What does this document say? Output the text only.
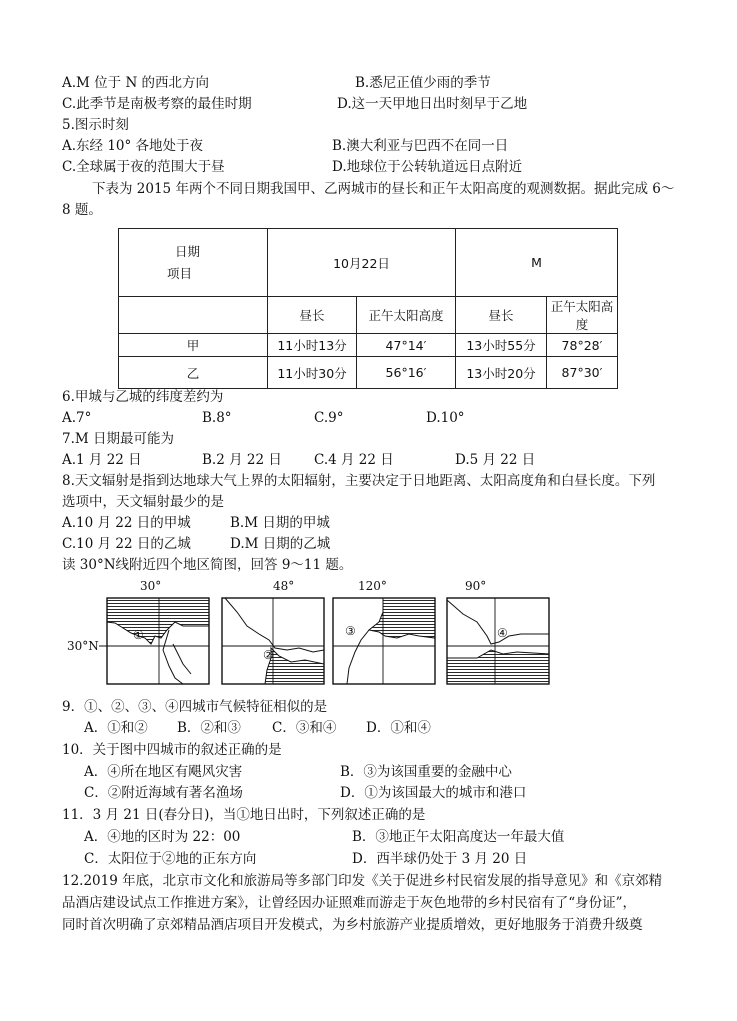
A.M 位于 N 的西北方向	B.悉尼正值少雨的季节
C.此季节是南极考察的最佳时期	D.这一天甲地日出时刻早于乙地
5.图示时刻
A.东经 10° 各地处于夜	B.澳大利亚与巴西不在同一日
C.全球属于夜的范围大于昼	D.地球位于公转轨道远日点附近
下表为 2015 年两个不同日期我国甲、乙两城市的昼长和正午太阳高度的观测数据。据此完成 6～
8 题。
日期
项目	10月22日		M	
	昼长	正午太阳高度	昼长	正午太阳高度
甲	11小时13分	47°14′	13小时55分	78°28′
乙	11小时30分	56°16′	13小时20分	87°30′
6.甲城与乙城的纬度差约为
A.7°	B.8°	C.9°	D.10°
7.M 日期最可能为
A.1 月 22 日	B.2 月 22 日 C.4 月 22 日	D.5 月 22 日
8.天文辐射是指到达地球大气上界的太阳辐射，主要决定于日地距离、太阳高度角和白昼长度。下列
选项中，天文辐射最少的是
A.10 月 22 日的甲城	B.M 日期的甲城
C.10 月 22 日的乙城	D.M 日期的乙城
读 30°N线附近四个地区简图，回答 9～11 题。
30°N
30°
①
48°
②
120°
③
90°
④
9．①、②、③、④四城市气候特征相似的是
A．①和② B．②和③ C．③和④ D．①和④
10．关于图中四城市的叙述正确的是
A．④所在地区有飓风灾害	B．③为该国重要的金融中心
C．②附近海域有著名渔场	D．①为该国最大的城市和港口
11．3 月 21 日(春分日)，当①地日出时，下列叙述正确的是
A．④地的区时为 22：00	B．③地正午太阳高度达一年最大值
C．太阳位于②地的正东方向	D．西半球仍处于 3 月 20 日
12.2019 年底，北京市文化和旅游局等多部门印发《关于促进乡村民宿发展的指导意见》和《京郊精
品酒店建设试点工作推进方案》，让曾经因办证照难而游走于灰色地带的乡村民宿有了“身份证”，
同时首次明确了京郊精品酒店项目开发模式，为乡村旅游产业提质增效，更好地服务于消费升级奠
